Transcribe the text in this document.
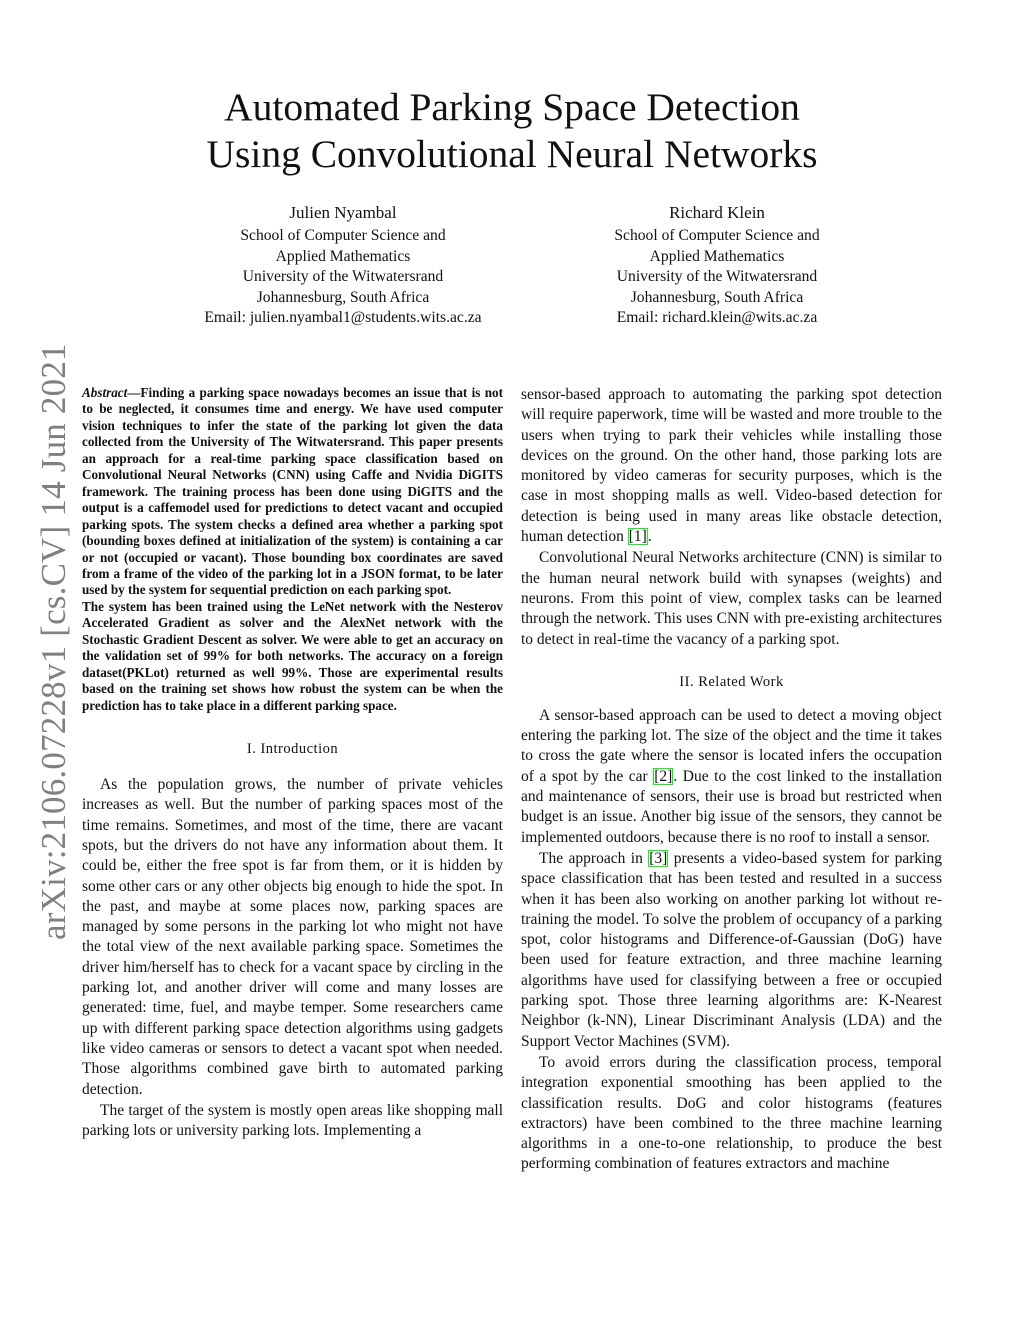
arXiv:2106.07228v1 [cs.CV] 14 Jun 2021
Automated Parking Space Detection
Using Convolutional Neural Networks
Julien Nyambal
School of Computer Science and
Applied Mathematics
University of the Witwatersrand
Johannesburg, South Africa
Email: julien.nyambal1@students.wits.ac.za
Richard Klein
School of Computer Science and
Applied Mathematics
University of the Witwatersrand
Johannesburg, South Africa
Email: richard.klein@wits.ac.za

Abstract—Finding a parking space nowadays becomes an issue that is not to be neglected, it consumes time and energy. We have used computer vision techniques to infer the state of the parking lot given the data collected from the University of The Witwatersrand. This paper presents an approach for a real-time parking space classification based on Convolutional Neural Networks (CNN) using Caffe and Nvidia DiGITS framework. The training process has been done using DiGITS and the output is a caffemodel used for predictions to detect vacant and occupied parking spots. The system checks a defined area whether a parking spot (bounding boxes defined at initialization of the system) is containing a car or not (occupied or vacant). Those bounding box coordinates are saved from a frame of the video of the parking lot in a JSON format, to be later used by the system for sequential prediction on each parking spot.

The system has been trained using the LeNet network with the Nesterov Accelerated Gradient as solver and the AlexNet network with the Stochastic Gradient Descent as solver. We were able to get an accuracy on the validation set of 99% for both networks. The accuracy on a foreign dataset(PKLot) returned as well 99%. Those are experimental results based on the training set shows how robust the system can be when the prediction has to take place in a different parking space.

I. Introduction

As the population grows, the number of private vehicles increases as well. But the number of parking spaces most of the time remains. Sometimes, and most of the time, there are vacant spots, but the drivers do not have any information about them. It could be, either the free spot is far from them, or it is hidden by some other cars or any other objects big enough to hide the spot. In the past, and maybe at some places now, parking spaces are managed by some persons in the parking lot who might not have the total view of the next available parking space. Sometimes the driver him/herself has to check for a vacant space by circling in the parking lot, and another driver will come and many losses are generated: time, fuel, and maybe temper. Some researchers came up with different parking space detection algorithms using gadgets like video cameras or sensors to detect a vacant spot when needed. Those algorithms combined gave birth to automated parking detection.

The target of the system is mostly open areas like shopping mall parking lots or university parking lots. Implementing a

sensor-based approach to automating the parking spot detection will require paperwork, time will be wasted and more trouble to the users when trying to park their vehicles while installing those devices on the ground. On the other hand, those parking lots are monitored by video cameras for security purposes, which is the case in most shopping malls as well. Video-based detection for detection is being used in many areas like obstacle detection, human detection [1].

Convolutional Neural Networks architecture (CNN) is similar to the human neural network build with synapses (weights) and neurons. From this point of view, complex tasks can be learned through the network. This uses CNN with pre-existing architectures to detect in real-time the vacancy of a parking spot.

II. Related Work

A sensor-based approach can be used to detect a moving object entering the parking lot. The size of the object and the time it takes to cross the gate where the sensor is located infers the occupation of a spot by the car [2]. Due to the cost linked to the installation and maintenance of sensors, their use is broad but restricted when budget is an issue. Another big issue of the sensors, they cannot be implemented outdoors, because there is no roof to install a sensor.

The approach in [3] presents a video-based system for parking space classification that has been tested and resulted in a success when it has been also working on another parking lot without re-training the model. To solve the problem of occupancy of a parking spot, color histograms and Difference-of-Gaussian (DoG) have been used for feature extraction, and three machine learning algorithms have used for classifying between a free or occupied parking spot. Those three learning algorithms are: K-Nearest Neighbor (k-NN), Linear Discriminant Analysis (LDA) and the Support Vector Machines (SVM).

To avoid errors during the classification process, temporal integration exponential smoothing has been applied to the classification results. DoG and color histograms (features extractors) have been combined to the three machine learning algorithms in a one-to-one relationship, to produce the best performing combination of features extractors and machine
